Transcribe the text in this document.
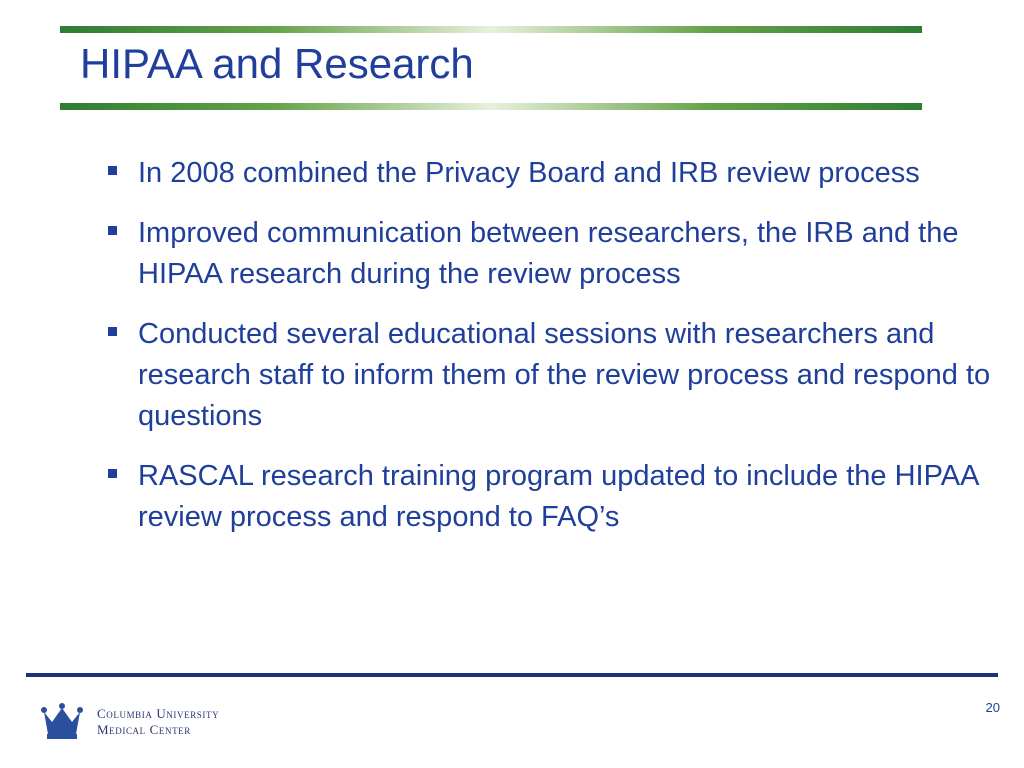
HIPAA and Research
In 2008 combined the Privacy Board and IRB review process
Improved communication between researchers, the IRB and the HIPAA research during the review process
Conducted several educational sessions with researchers and research staff to inform them of the review process and respond to questions
RASCAL research training program updated to include the HIPAA review process and respond to FAQ’s
Columbia University
Medical Center
20
